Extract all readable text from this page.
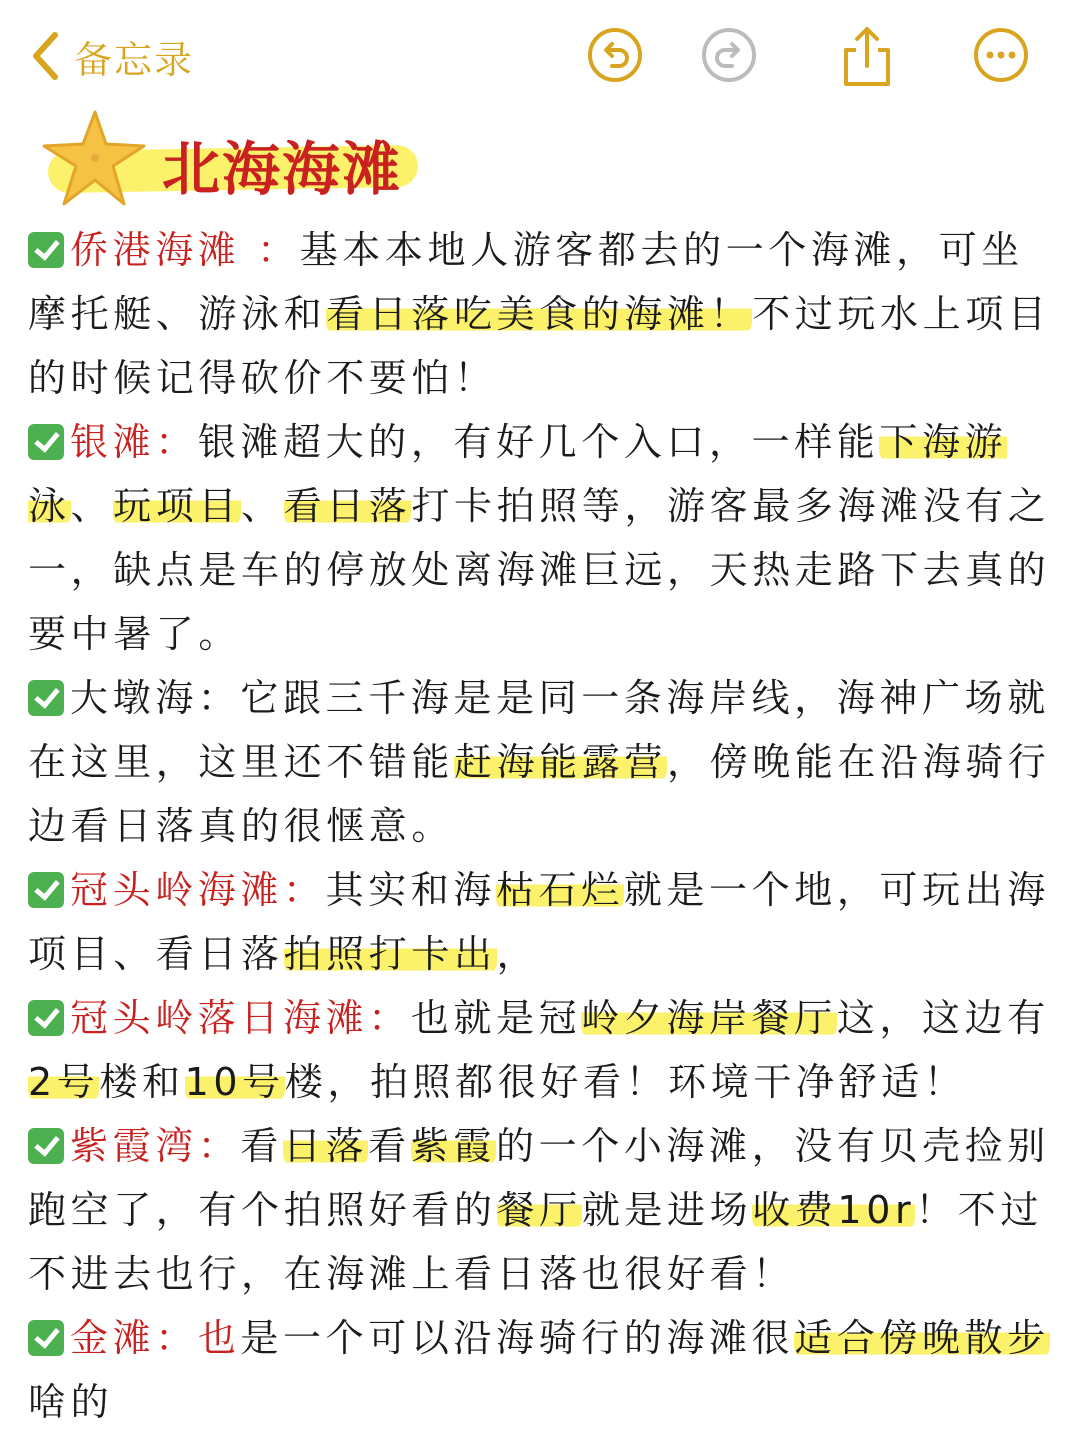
备忘录
北海海滩

侨港海滩 ：基本本地人游客都去的一个海滩，可坐摩托艇、游泳和看日落吃美食的海滩！不过玩水上项目的时候记得砍价不要怕！

银滩：银滩超大的，有好几个入口，一样能下海游泳、玩项目、看日落打卡拍照等，游客最多海滩没有之一，缺点是车的停放处离海滩巨远，天热走路下去真的要中暑了。

大墩海：它跟三千海是是同一条海岸线，海神广场就在这里，这里还不错能赶海能露营，傍晚能在沿海骑行边看日落真的很惬意。

冠头岭海滩：其实和海枯石烂就是一个地，可玩出海项目、看日落拍照打卡出，

冠头岭落日海滩：也就是冠岭夕海岸餐厅这，这边有2号楼和10号楼，拍照都很好看！环境干净舒适！

紫霞湾：看日落看紫霞的一个小海滩，没有贝壳捡别跑空了，有个拍照好看的餐厅就是进场收费10r！不过不进去也行，在海滩上看日落也很好看！

金滩：也是一个可以沿海骑行的海滩很适合傍晚散步啥的
